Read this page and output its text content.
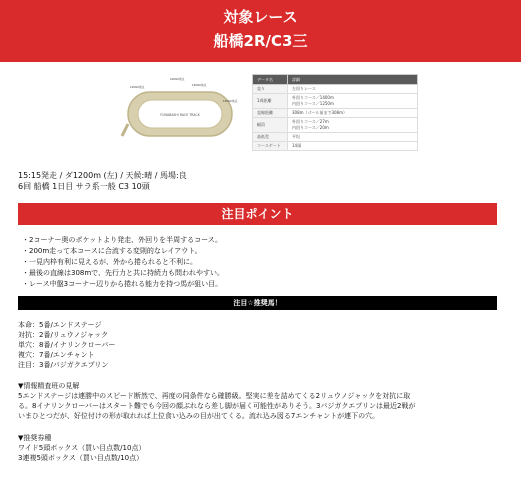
対象レース
船橋2R/C3三
FUNABASHI RACE TRACK
1200m地点
1000m地点
1400m地点
1500m地点
データ名	詳細
直り	左回りレース
1周距離	外回りコース／1400m
内回りコース／1250m
直線距離	308m（ゴール前まで308m）
幅員	外回りコース／27m
内回りコース／20m
高低差	平坦
コースゲート	14頭
15:15発走 / ダ1200m (左) / 天候:晴 / 馬場:良
6回 船橋 1日目 サラ系一般 C3 10頭
注目ポイント
・2コーナー奥のポケットより発走、外回りを半周するコース。
・200m走って本コースに合流する変則的なレイアウト。
・一見内枠有利に見えるが、外から捲られると不利に。
・最後の直線は308mで、先行力と共に持続力も問われやすい。
・レース中盤3コーナー辺りから捲れる能力を持つ馬が狙い目。
注目☆推奨馬！
本命：5番/エンドステージ
対抗：2番/リュウノジャック
単穴：8番/イナリンクローバー
複穴：7番/エンチャント
注目：3番/パジガクエプリン
▼情報精査班の見解
5エンドステージは連勝中のスピード断然で、再度の同条件なら確勝級。堅実に差を詰めてくる2リュウノジャックを対抗に取
る。8イナリンクローバーはスタート難でも今回の顔ぶれなら差し脚が届く可能性がありそう。3パジガクエプリンは最近2戦が
いまひとつだが、好位付けの形が取れれば上位食い込みの目が出てくる。流れ込み図る7エンチャントが連下の穴。
▼推奨券種
ワイド5頭ボックス（買い目点数/10点）
3連複5頭ボックス（買い目点数/10点）
